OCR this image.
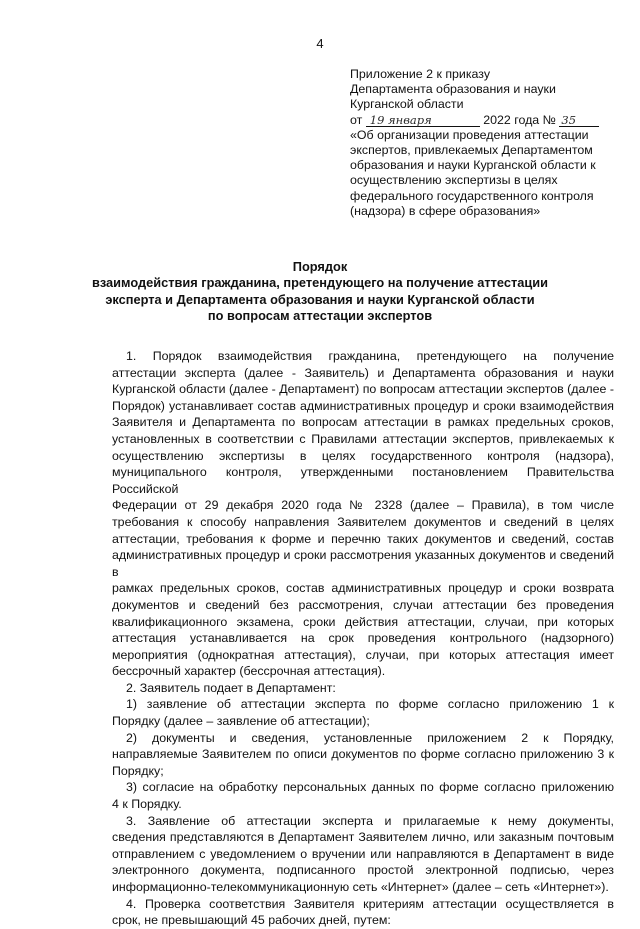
4
Приложение 2 к приказу
Департамента образования и науки
Курганской области
от 19 января	2022 года № 35
«Об организации проведения аттестации
экспертов, привлекаемых Департаментом
образования и науки Курганской области к
осуществлению экспертизы в целях
федерального государственного контроля
(надзора) в сфере образования»
Порядок
взаимодействия гражданина, претендующего на получение аттестации
эксперта и Департамента образования и науки Курганской области
по вопросам аттестации экспертов

1. Порядок взаимодействия гражданина, претендующего на получение

аттестации эксперта (далее - Заявитель) и Департамента образования и науки

Курганской области (далее - Департамент) по вопросам аттестации экспертов (далее -

Порядок) устанавливает состав административных процедур и сроки взаимодействия

Заявителя и Департамента по вопросам аттестации в рамках предельных сроков,

установленных в соответствии с Правилами аттестации экспертов, привлекаемых к

осуществлению экспертизы в целях государственного контроля (надзора),

муниципального контроля, утвержденными постановлением Правительства Российской

Федерации от 29 декабря 2020 года № 2328 (далее – Правила), в том числе

требования к способу направления Заявителем документов и сведений в целях

аттестации, требования к форме и перечню таких документов и сведений, состав

административных процедур и сроки рассмотрения указанных документов и сведений в

рамках предельных сроков, состав административных процедур и сроки возврата

документов и сведений без рассмотрения, случаи аттестации без проведения

квалификационного экзамена, сроки действия аттестации, случаи, при которых

аттестация устанавливается на срок проведения контрольного (надзорного)

мероприятия (однократная аттестация), случаи, при которых аттестация имеет

бессрочный характер (бессрочная аттестация).

2. Заявитель подает в Департамент:

1) заявление об аттестации эксперта по форме согласно приложению 1 к

Порядку (далее – заявление об аттестации);

2) документы и сведения, установленные приложением 2 к Порядку,

направляемые Заявителем по описи документов по форме согласно приложению 3 к

Порядку;

3) согласие на обработку персональных данных по форме согласно приложению

4 к Порядку.

3. Заявление об аттестации эксперта и прилагаемые к нему документы,

сведения представляются в Департамент Заявителем лично, или заказным почтовым

отправлением с уведомлением о вручении или направляются в Департамент в виде

электронного документа, подписанного простой электронной подписью, через

информационно-телекоммуникационную сеть «Интернет» (далее – сеть «Интернет»).

4. Проверка соответствия Заявителя критериям аттестации осуществляется в

срок, не превышающий 45 рабочих дней, путем:
